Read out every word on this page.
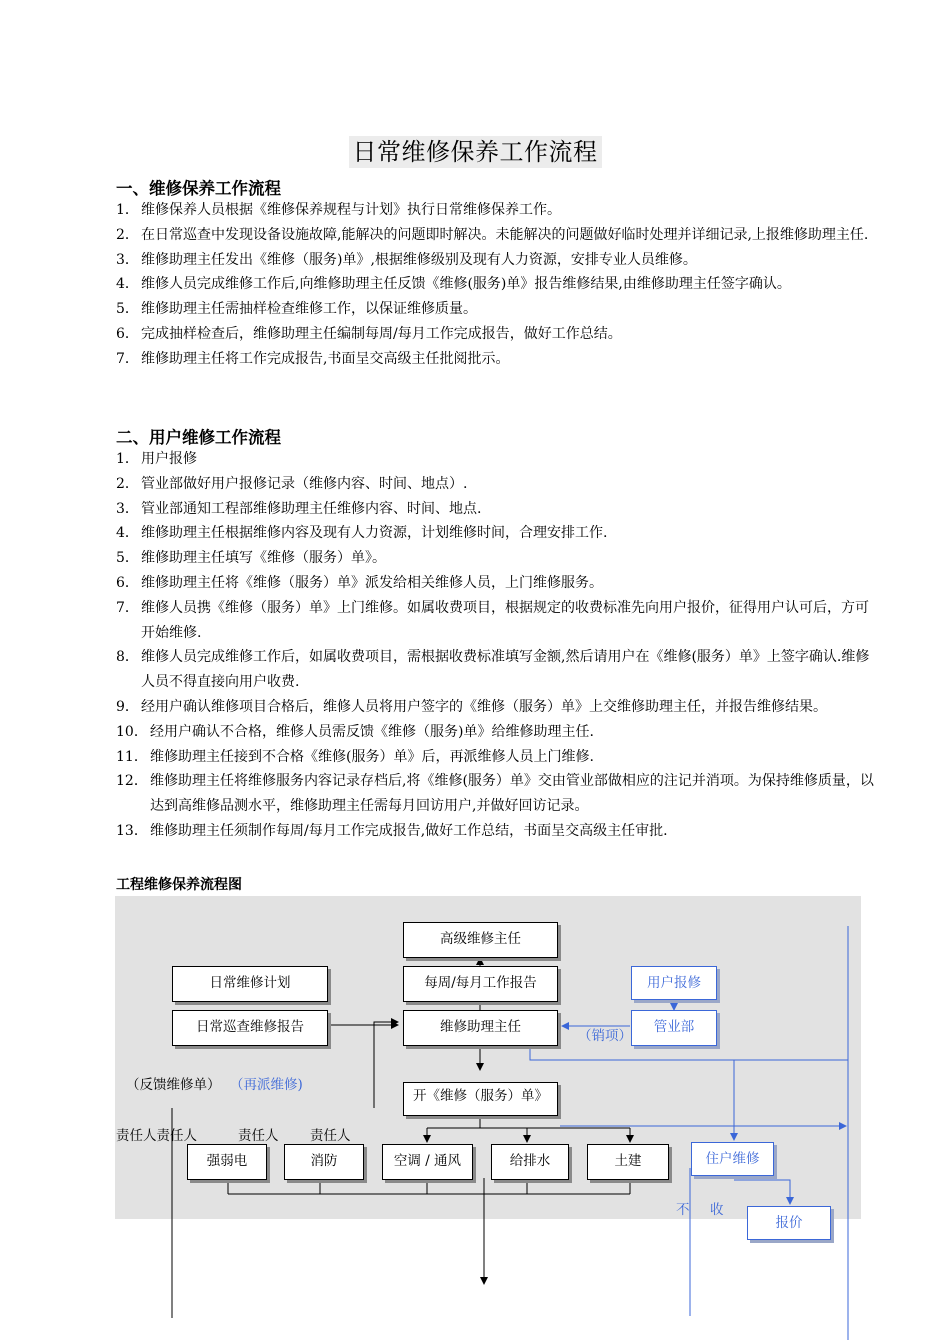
日常维修保养工作流程
一、维修保养工作流程
1． 维修保养人员根据《维修保养规程与计划》执行日常维修保养工作。
2． 在日常巡查中发现设备设施故障,能解决的问题即时解决。未能解决的问题做好临时处理并详细记录,上报维修助理主任.
3． 维修助理主任发出《维修（服务)单》,根据维修级别及现有人力资源，安排专业人员维修。
4． 维修人员完成维修工作后,向维修助理主任反馈《维修(服务)单》报告维修结果,由维修助理主任签字确认。
5． 维修助理主任需抽样检查维修工作，以保证维修质量。
6． 完成抽样检查后，维修助理主任编制每周/每月工作完成报告，做好工作总结。
7． 维修助理主任将工作完成报告,书面呈交高级主任批阅批示。
二、用户维修工作流程
1． 用户报修
2． 管业部做好用户报修记录（维修内容、时间、地点）.
3． 管业部通知工程部维修助理主任维修内容、时间、地点.
4． 维修助理主任根据维修内容及现有人力资源，计划维修时间，合理安排工作.
5． 维修助理主任填写《维修（服务）单》。
6． 维修助理主任将《维修（服务）单》派发给相关维修人员，上门维修服务。
7． 维修人员携《维修（服务）单》上门维修。如属收费项目，根据规定的收费标准先向用户报价，征得用户认可后，方可开始维修.
8． 维修人员完成维修工作后，如属收费项目，需根据收费标准填写金额,然后请用户在《维修(服务）单》上签字确认.维修人员不得直接向用户收费.
9． 经用户确认维修项目合格后，维修人员将用户签字的《维修（服务）单》上交维修助理主任，并报告维修结果。
10． 经用户确认不合格，维修人员需反馈《维修（服务)单》给维修助理主任.
11． 维修助理主任接到不合格《维修(服务）单》后，再派维修人员上门维修.
12． 维修助理主任将维修服务内容记录存档后,将《维修(服务）单》交由管业部做相应的注记并消项。为保持维修质量，以达到高维修品测水平，维修助理主任需每月回访用户,并做好回访记录。
13． 维修助理主任须制作每周/每月工作完成报告,做好工作总结，书面呈交高级主任审批.
工程维修保养流程图
高级维修主任
日常维修计划	每周/每月工作报告	用户报修
日常巡查维修报告	维修助理主任	管业部
开《维修（服务）单》
强弱电	消防	空调 / 通风	给排水	土建	住户维修
报价
（销项）
（反馈维修单） （再派维修)
责任人责任人	责任人 责任人
不 收
